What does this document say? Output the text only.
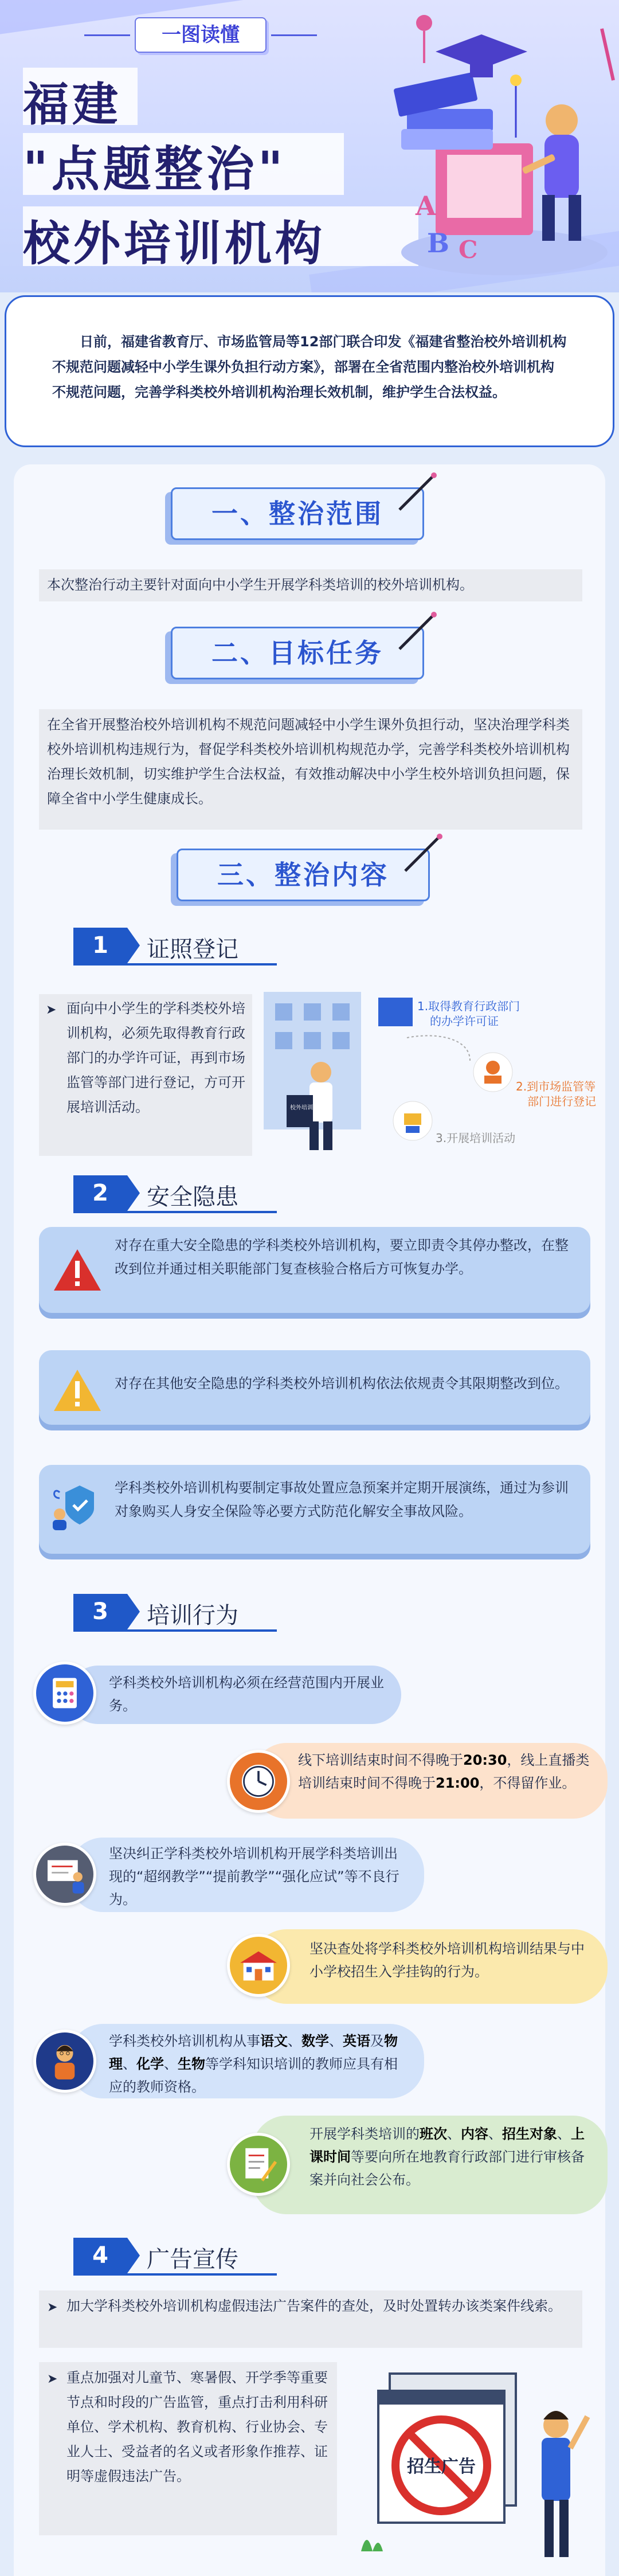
一图读懂
福建
"点题整治"
校外培训机构
A
B C
日前，福建省教育厅、市场监管局等12部门联合印发《福建省整治校外培训机构不规范问题减轻中小学生课外负担行动方案》，部署在全省范围内整治校外培训机构不规范问题，完善学科类校外培训机构治理长效机制，维护学生合法权益。
一、整治范围
本次整治行动主要针对面向中小学生开展学科类培训的校外培训机构。
二、目标任务
在全省开展整治校外培训机构不规范问题减轻中小学生课外负担行动，坚决治理学科类校外培训机构违规行为，督促学科类校外培训机构规范办学，完善学科类校外培训机构治理长效机制，切实维护学生合法权益，有效推动解决中小学生校外培训负担问题，保障全省中小学生健康成长。
三、整治内容
1	证照登记
➤ 面向中小学生的学科类校外培训机构，必须先取得教育行政部门的办学许可证，再到市场监管等部门进行登记，方可开展培训活动。	校外培训机构
1.取得教育行政部门
的办学许可证
2.到市场监管等
部门进行登记
3.开展培训活动
2	安全隐患
对存在重大安全隐患的学科类校外培训机构，要立即责令其停办整改，在整改到位并通过相关职能部门复查核验合格后方可恢复办学。
对存在其他安全隐患的学科类校外培训机构依法依规责令其限期整改到位。
学科类校外培训机构要制定事故处置应急预案并定期开展演练，通过为参训对象购买人身安全保险等必要方式防范化解安全事故风险。
3	培训行为
学科类校外培训机构必须在经营范围内开展业务。
线下培训结束时间不得晚于20:30，线上直播类培训结束时间不得晚于21:00，不得留作业。
坚决纠正学科类校外培训机构开展学科类培训出现的“超纲教学”“提前教学”“强化应试”等不良行为。
坚决查处将学科类校外培训机构培训结果与中小学校招生入学挂钩的行为。
学科类校外培训机构从事语文、数学、英语及物理、化学、生物等学科知识培训的教师应具有相应的教师资格。
开展学科类培训的班次、内容、招生对象、上课时间等要向所在地教育行政部门进行审核备案并向社会公布。
4	广告宣传
➤ 加大学科类校外培训机构虚假违法广告案件的查处，及时处置转办该类案件线索。
➤ 重点加强对儿童节、寒暑假、开学季等重要节点和时段的广告监管，重点打击利用科研单位、学术机构、教育机构、行业协会、专业人士、受益者的名义或者形象作推荐、证明等虚假违法广告。	招生广告
